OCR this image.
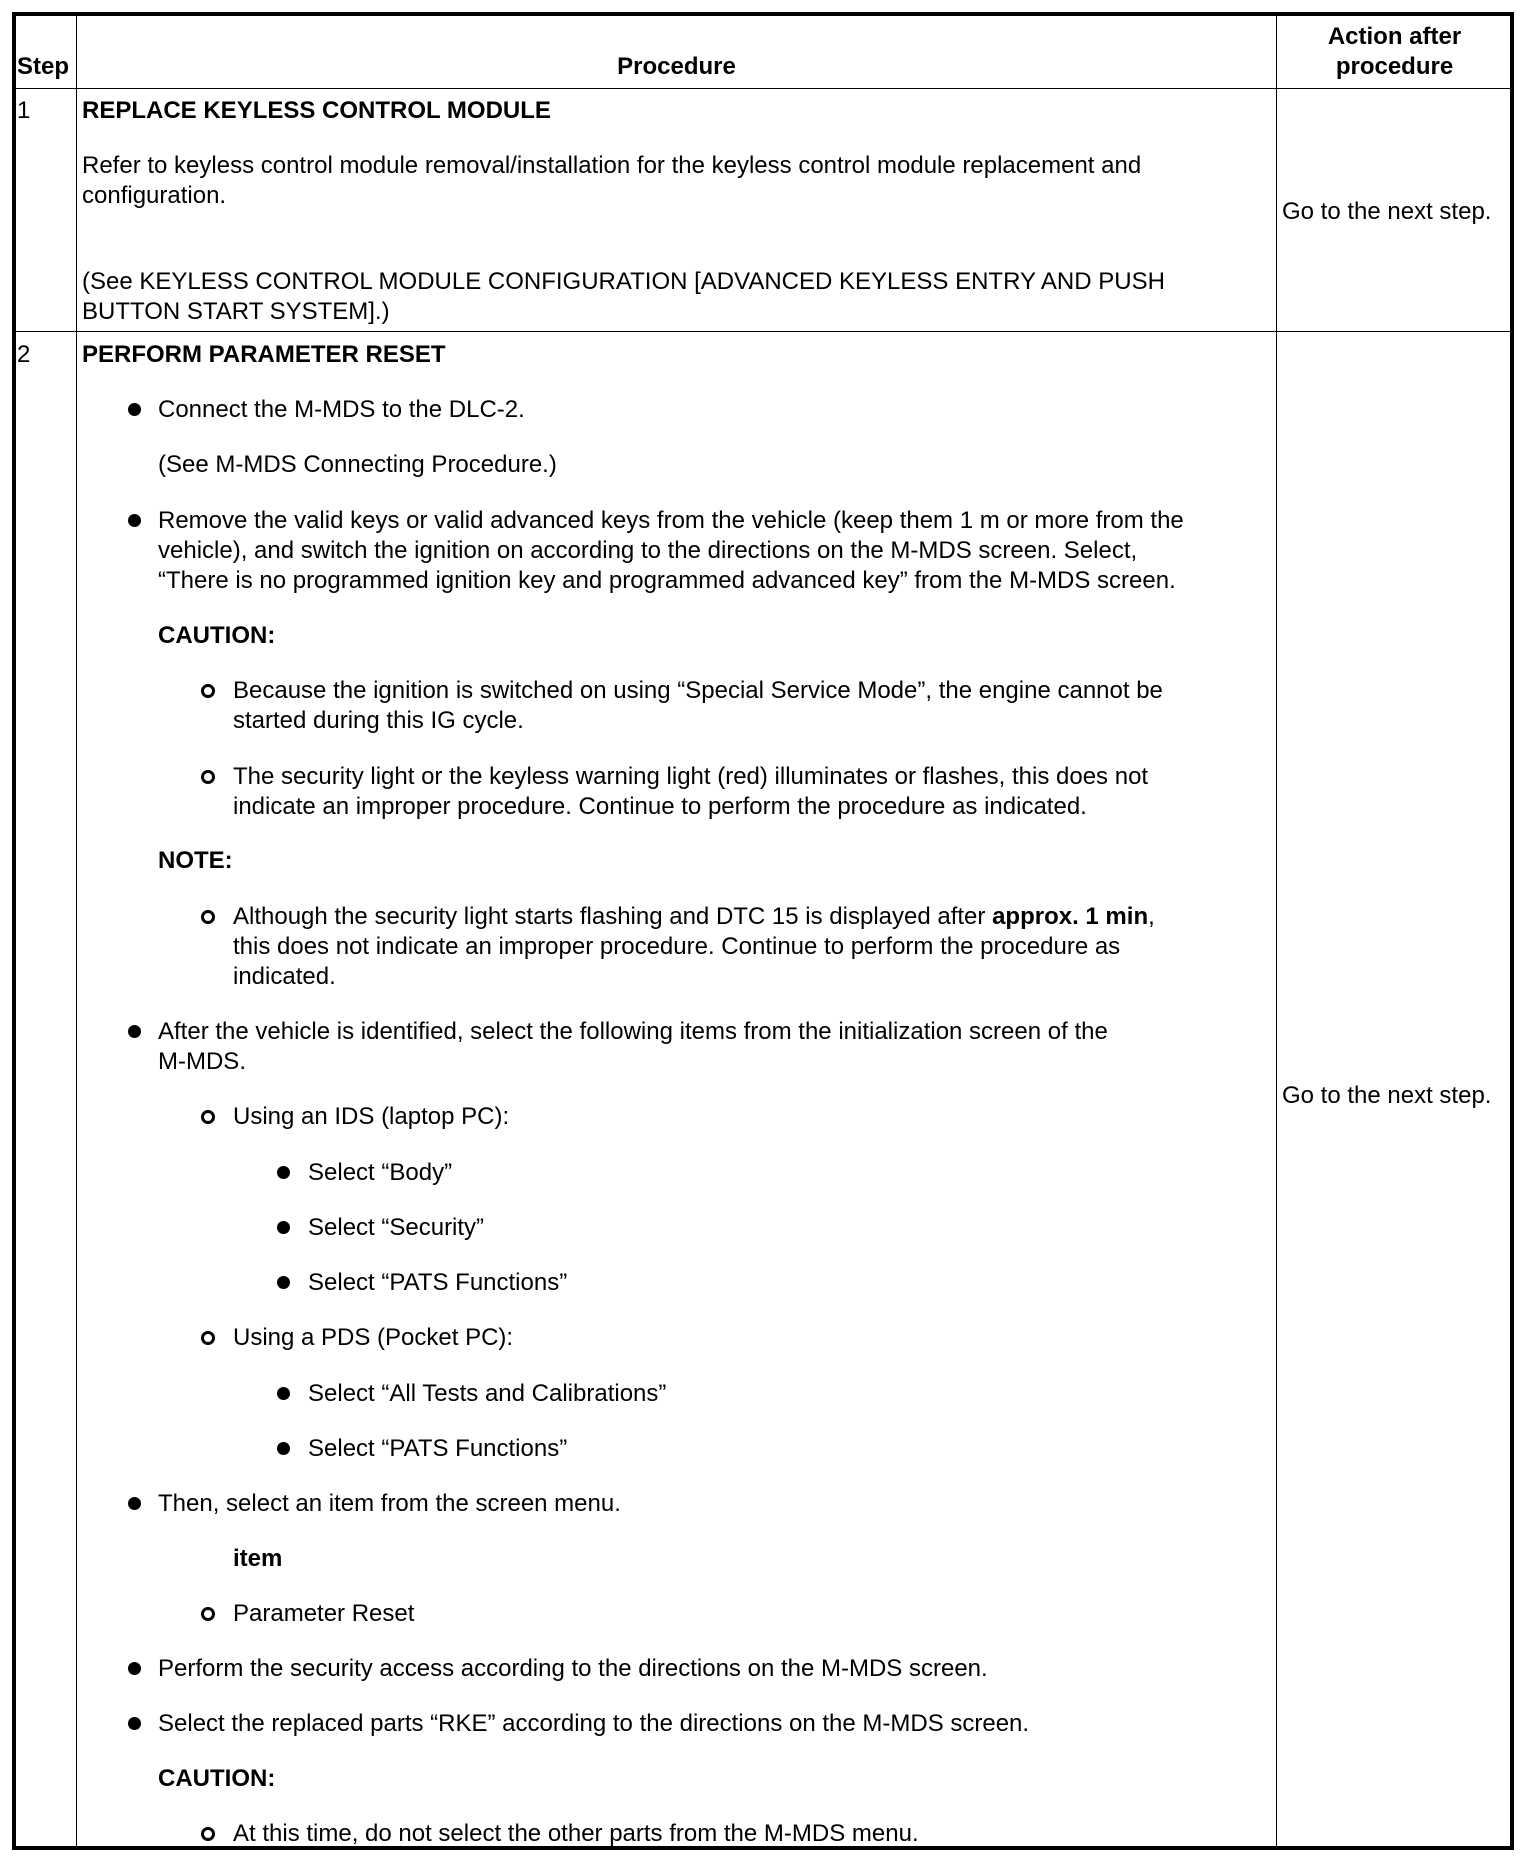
Step	Procedure
Action after
procedure
1 REPLACE KEYLESS CONTROL MODULE
Refer to keyless control module removal/installation for the keyless control module replacement and
configuration.
(See KEYLESS CONTROL MODULE CONFIGURATION [ADVANCED KEYLESS ENTRY AND PUSH
BUTTON START SYSTEM].)
Go to the next step.
2 PERFORM PARAMETER RESET
Go to the next step.
Connect the M-MDS to the DLC-2.
(See M-MDS Connecting Procedure.)
Remove the valid keys or valid advanced keys from the vehicle (keep them 1 m or more from the
vehicle), and switch the ignition on according to the directions on the M-MDS screen. Select,
“There is no programmed ignition key and programmed advanced key” from the M-MDS screen.
CAUTION:
Because the ignition is switched on using “Special Service Mode”, the engine cannot be
started during this IG cycle.
The security light or the keyless warning light (red) illuminates or flashes, this does not
indicate an improper procedure. Continue to perform the procedure as indicated.
NOTE:
Although the security light starts flashing and DTC 15 is displayed after approx. 1 min,
this does not indicate an improper procedure. Continue to perform the procedure as
indicated.
After the vehicle is identified, select the following items from the initialization screen of the
M-MDS.
Using an IDS (laptop PC):
Select “Body”
Select “Security”
Select “PATS Functions”
Using a PDS (Pocket PC):
Select “All Tests and Calibrations”
Select “PATS Functions”
Then, select an item from the screen menu.
item
Parameter Reset
Perform the security access according to the directions on the M-MDS screen.
Select the replaced parts “RKE” according to the directions on the M-MDS screen.
CAUTION:
At this time, do not select the other parts from the M-MDS menu.
